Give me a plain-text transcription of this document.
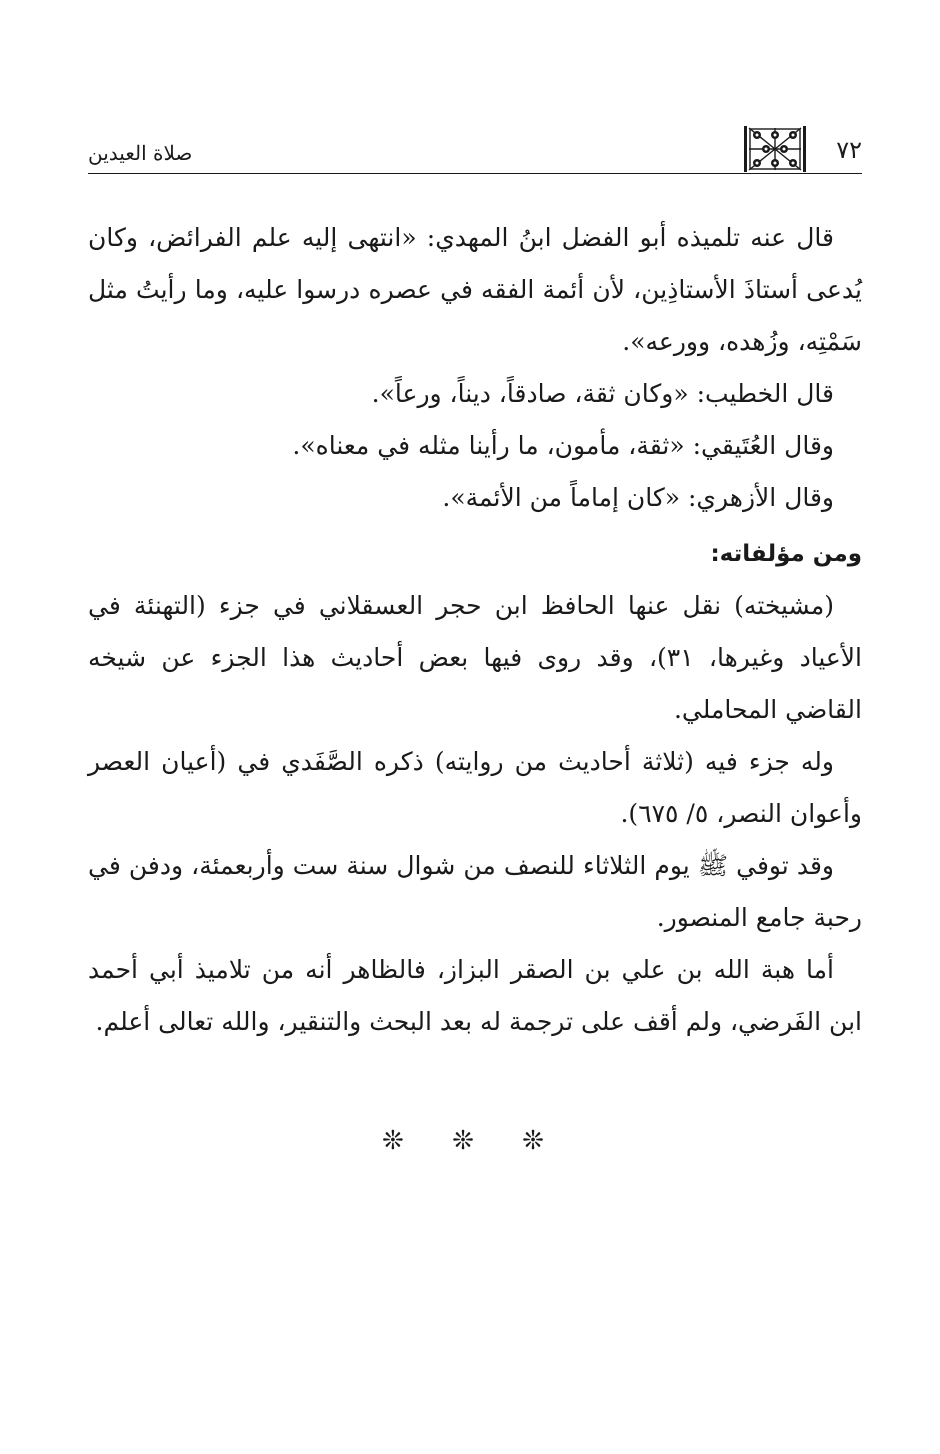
٧٢
صلاة العيدين

قال عنه تلميذه أبو الفضل ابنُ المهدي: «انتهى إليه علم الفرائض، وكان يُدعى أستاذَ الأستاذِين، لأن أئمة الفقه في عصره درسوا عليه، وما رأيتُ مثل سَمْتِه، وزُهده، وورعه».

قال الخطيب: «وكان ثقة، صادقاً، ديناً، ورعاً».

وقال العُتَيقي: «ثقة، مأمون، ما رأينا مثله في معناه».

وقال الأزهري: «كان إماماً من الأئمة».

ومن مؤلفاته:

(مشيخته) نقل عنها الحافظ ابن حجر العسقلاني في جزء (التهنئة في الأعياد وغيرها، ٣١)، وقد روى فيها بعض أحاديث هذا الجزء عن شيخه القاضي المحاملي.

وله جزء فيه (ثلاثة أحاديث من روايته) ذكره الصَّفَدي في (أعيان العصر وأعوان النصر، ٥/ ٦٧٥).

وقد توفي ﷺ يوم الثلاثاء للنصف من شوال سنة ست وأربعمئة، ودفن في رحبة جامع المنصور.

أما هبة الله بن علي بن الصقر البزاز، فالظاهر أنه من تلاميذ أبي أحمد ابن الفَرضي، ولم أقف على ترجمة له بعد البحث والتنقير، والله تعالى أعلم.

❊ ❊ ❊
